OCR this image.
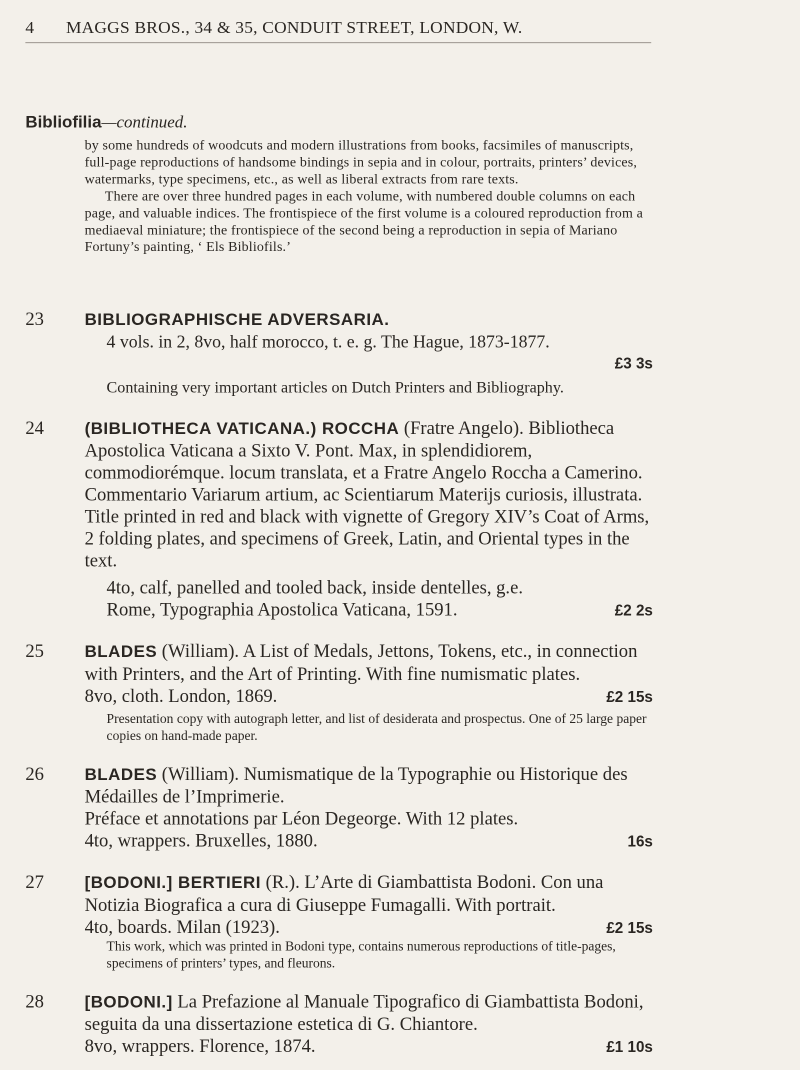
4	MAGGS BROS., 34 & 35, CONDUIT STREET, LONDON, W.
Bibliofilia—continued.

by some hundreds of woodcuts and modern illustrations from books, facsimiles of manuscripts, full-page reproductions of handsome bindings in sepia and in colour, portraits, printers’ devices, watermarks, type specimens, etc., as well as liberal extracts from rare texts.

There are over three hundred pages in each volume, with numbered double columns on each page, and valuable indices. The frontispiece of the first volume is a coloured reproduction from a mediaeval miniature; the frontispiece of the second being a reproduction in sepia of Mariano Fortuny’s painting, ‘ Els Bibliofils.’

23	BIBLIOGRAPHISCHE ADVERSARIA.
4 vols. in 2, 8vo, half morocco, t. e. g. The Hague, 1873-1877.
£3 3s
Containing very important articles on Dutch Printers and Bibliography.
24	(BIBLIOTHECA VATICANA.) ROCCHA (Fratre Angelo). Bibliotheca Apostolica Vaticana a Sixto V. Pont. Max, in splendidiorem, commodiorémque. locum translata, et a Fratre Angelo Roccha a Camerino. Commentario Variarum artium, ac Scientiarum Materijs curiosis, illustrata. Title printed in red and black with vignette of Gregory XIV’s Coat of Arms, 2 folding plates, and specimens of Greek, Latin, and Oriental types in the text.
4to, calf, panelled and tooled back, inside dentelles, g.e.
Rome, Typographia Apostolica Vaticana, 1591.	£2 2s
25	BLADES (William). A List of Medals, Jettons, Tokens, etc., in connection with Printers, and the Art of Printing. With fine numismatic plates.
8vo, cloth. London, 1869.	£2 15s
Presentation copy with autograph letter, and list of desiderata and prospectus. One of 25 large paper copies on hand-made paper.
26	BLADES (William). Numismatique de la Typographie ou Historique des Médailles de l’Imprimerie.
Préface et annotations par Léon Degeorge. With 12 plates.
4to, wrappers. Bruxelles, 1880.	16s
27	[BODONI.] BERTIERI (R.). L’Arte di Giambattista Bodoni. Con una Notizia Biografica a cura di Giuseppe Fumagalli. With portrait.
4to, boards. Milan (1923).	£2 15s
This work, which was printed in Bodoni type, contains numerous reproductions of title-pages, specimens of printers’ types, and fleurons.
28	[BODONI.] La Prefazione al Manuale Tipografico di Giambattista Bodoni, seguita da una dissertazione estetica di G. Chiantore.
8vo, wrappers. Florence, 1874.	£1 10s
